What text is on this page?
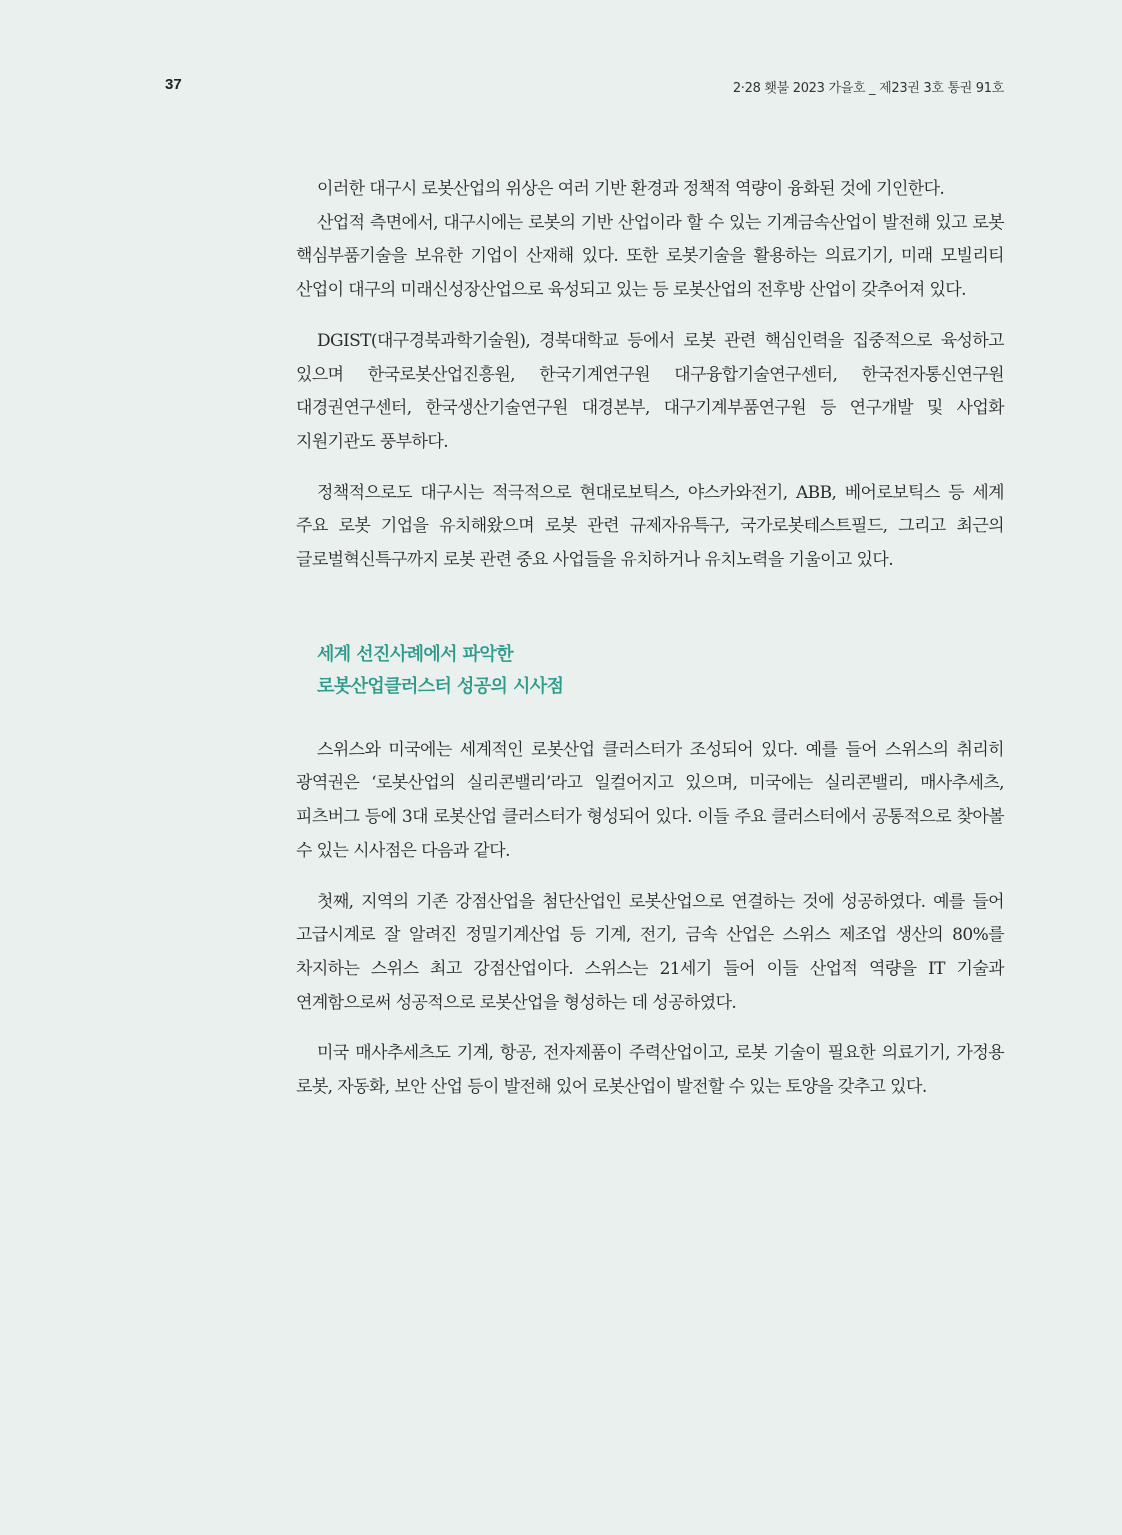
37	2·28 횃불 2023 가을호 _ 제23권 3호 통권 91호

이러한 대구시 로봇산업의 위상은 여러 기반 환경과 정책적 역량이 융화된 것에 기인한다.

산업적 측면에서, 대구시에는 로봇의 기반 산업이라 할 수 있는 기계금속산업이 발전해 있고 로봇 핵심부품기술을 보유한 기업이 산재해 있다. 또한 로봇기술을 활용하는 의료기기, 미래 모빌리티 산업이 대구의 미래신성장산업으로 육성되고 있는 등 로봇산업의 전후방 산업이 갖추어져 있다.

DGIST(대구경북과학기술원), 경북대학교 등에서 로봇 관련 핵심인력을 집중적으로 육성하고 있으며 한국로봇산업진흥원, 한국기계연구원 대구융합기술연구센터, 한국전자통신연구원 대경권연구센터, 한국생산기술연구원 대경본부, 대구기계부품연구원 등 연구개발 및 사업화 지원기관도 풍부하다.

정책적으로도 대구시는 적극적으로 현대로보틱스, 야스카와전기, ABB, 베어로보틱스 등 세계 주요 로봇 기업을 유치해왔으며 로봇 관련 규제자유특구, 국가로봇테스트필드, 그리고 최근의 글로벌혁신특구까지 로봇 관련 중요 사업들을 유치하거나 유치노력을 기울이고 있다.

세계 선진사례에서 파악한
로봇산업클러스터 성공의 시사점

스위스와 미국에는 세계적인 로봇산업 클러스터가 조성되어 있다. 예를 들어 스위스의 취리히 광역권은 ‘로봇산업의 실리콘밸리’라고 일컬어지고 있으며, 미국에는 실리콘밸리, 매사추세츠, 피츠버그 등에 3대 로봇산업 클러스터가 형성되어 있다. 이들 주요 클러스터에서 공통적으로 찾아볼 수 있는 시사점은 다음과 같다.

첫째, 지역의 기존 강점산업을 첨단산업인 로봇산업으로 연결하는 것에 성공하였다. 예를 들어 고급시계로 잘 알려진 정밀기계산업 등 기계, 전기, 금속 산업은 스위스 제조업 생산의 80%를 차지하는 스위스 최고 강점산업이다. 스위스는 21세기 들어 이들 산업적 역량을 IT 기술과 연계함으로써 성공적으로 로봇산업을 형성하는 데 성공하였다.

미국 매사추세츠도 기계, 항공, 전자제품이 주력산업이고, 로봇 기술이 필요한 의료기기, 가정용 로봇, 자동화, 보안 산업 등이 발전해 있어 로봇산업이 발전할 수 있는 토양을 갖추고 있다.
